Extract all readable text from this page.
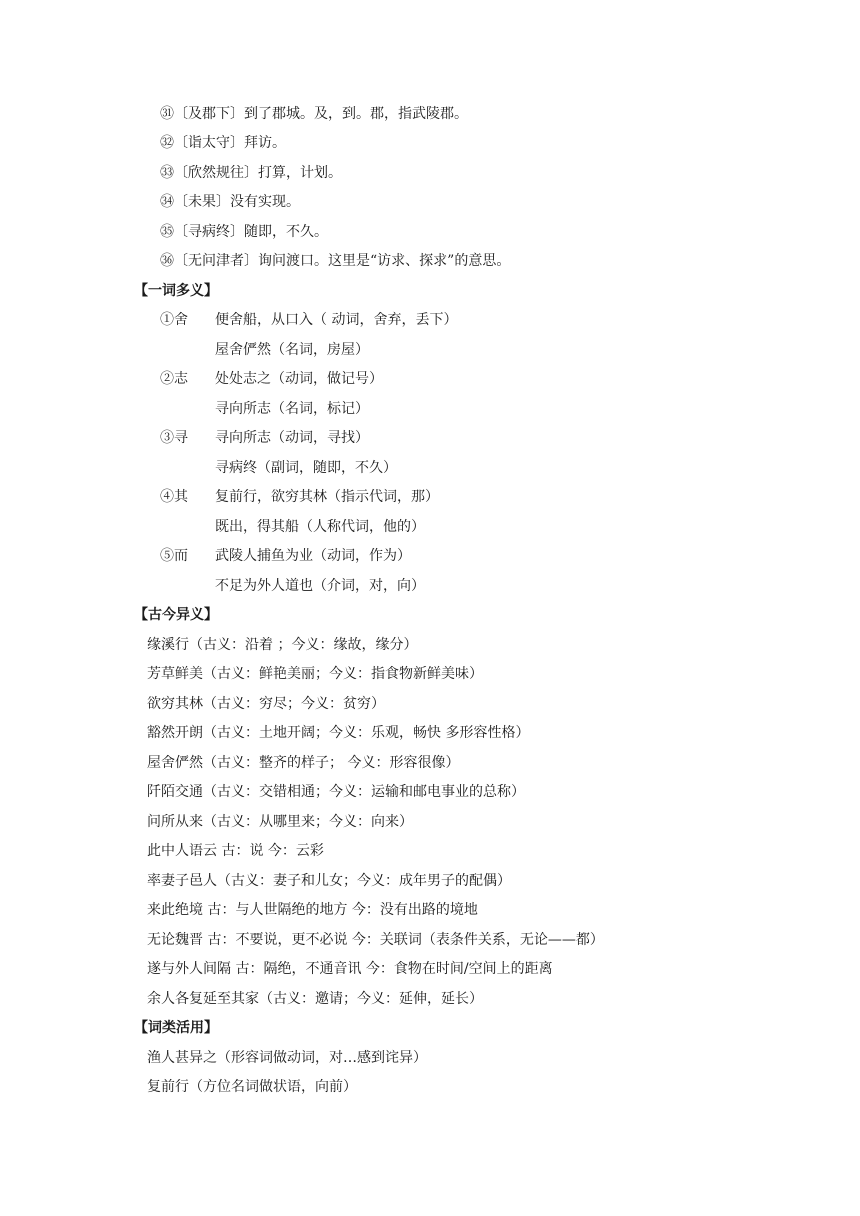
㉛〔及郡下〕到了郡城。及，到。郡，指武陵郡。
㉜〔诣太守〕拜访。
㉝〔欣然规往〕打算，计划。
㉞〔未果〕没有实现。
㉟〔寻病终〕随即，不久。
㊱〔无问津者〕询问渡口。这里是“访求、探求”的意思。
【一词多义】
①舍 便舍船，从口入（ 动词，舍弃，丢下）
屋舍俨然（名词，房屋）
②志 处处志之（动词，做记号）
寻向所志（名词，标记）
③寻 寻向所志（动词，寻找）
寻病终（副词，随即，不久）
④其 复前行，欲穷其林（指示代词，那）
既出，得其船（人称代词，他的）
⑤而 武陵人捕鱼为业（动词，作为）
不足为外人道也（介词，对，向）
【古今异义】
缘溪行（古义：沿着 ；今义：缘故，缘分）
芳草鲜美（古义：鲜艳美丽；今义：指食物新鲜美味）
欲穷其林（古义：穷尽；今义：贫穷）
豁然开朗（古义：土地开阔；今义：乐观，畅快 多形容性格）
屋舍俨然（古义：整齐的样子； 今义：形容很像）
阡陌交通（古义：交错相通；今义：运输和邮电事业的总称）
问所从来（古义：从哪里来；今义：向来）
此中人语云 古：说 今：云彩
率妻子邑人（古义：妻子和儿女；今义：成年男子的配偶）
来此绝境 古：与人世隔绝的地方 今：没有出路的境地
无论魏晋 古：不要说，更不必说 今：关联词（表条件关系，无论——都）
遂与外人间隔 古：隔绝，不通音讯 今：食物在时间/空间上的距离
余人各复延至其家（古义：邀请；今义：延伸，延长）
【词类活用】
渔人甚异之（形容词做动词，对…感到诧异）
复前行（方位名词做状语，向前）
